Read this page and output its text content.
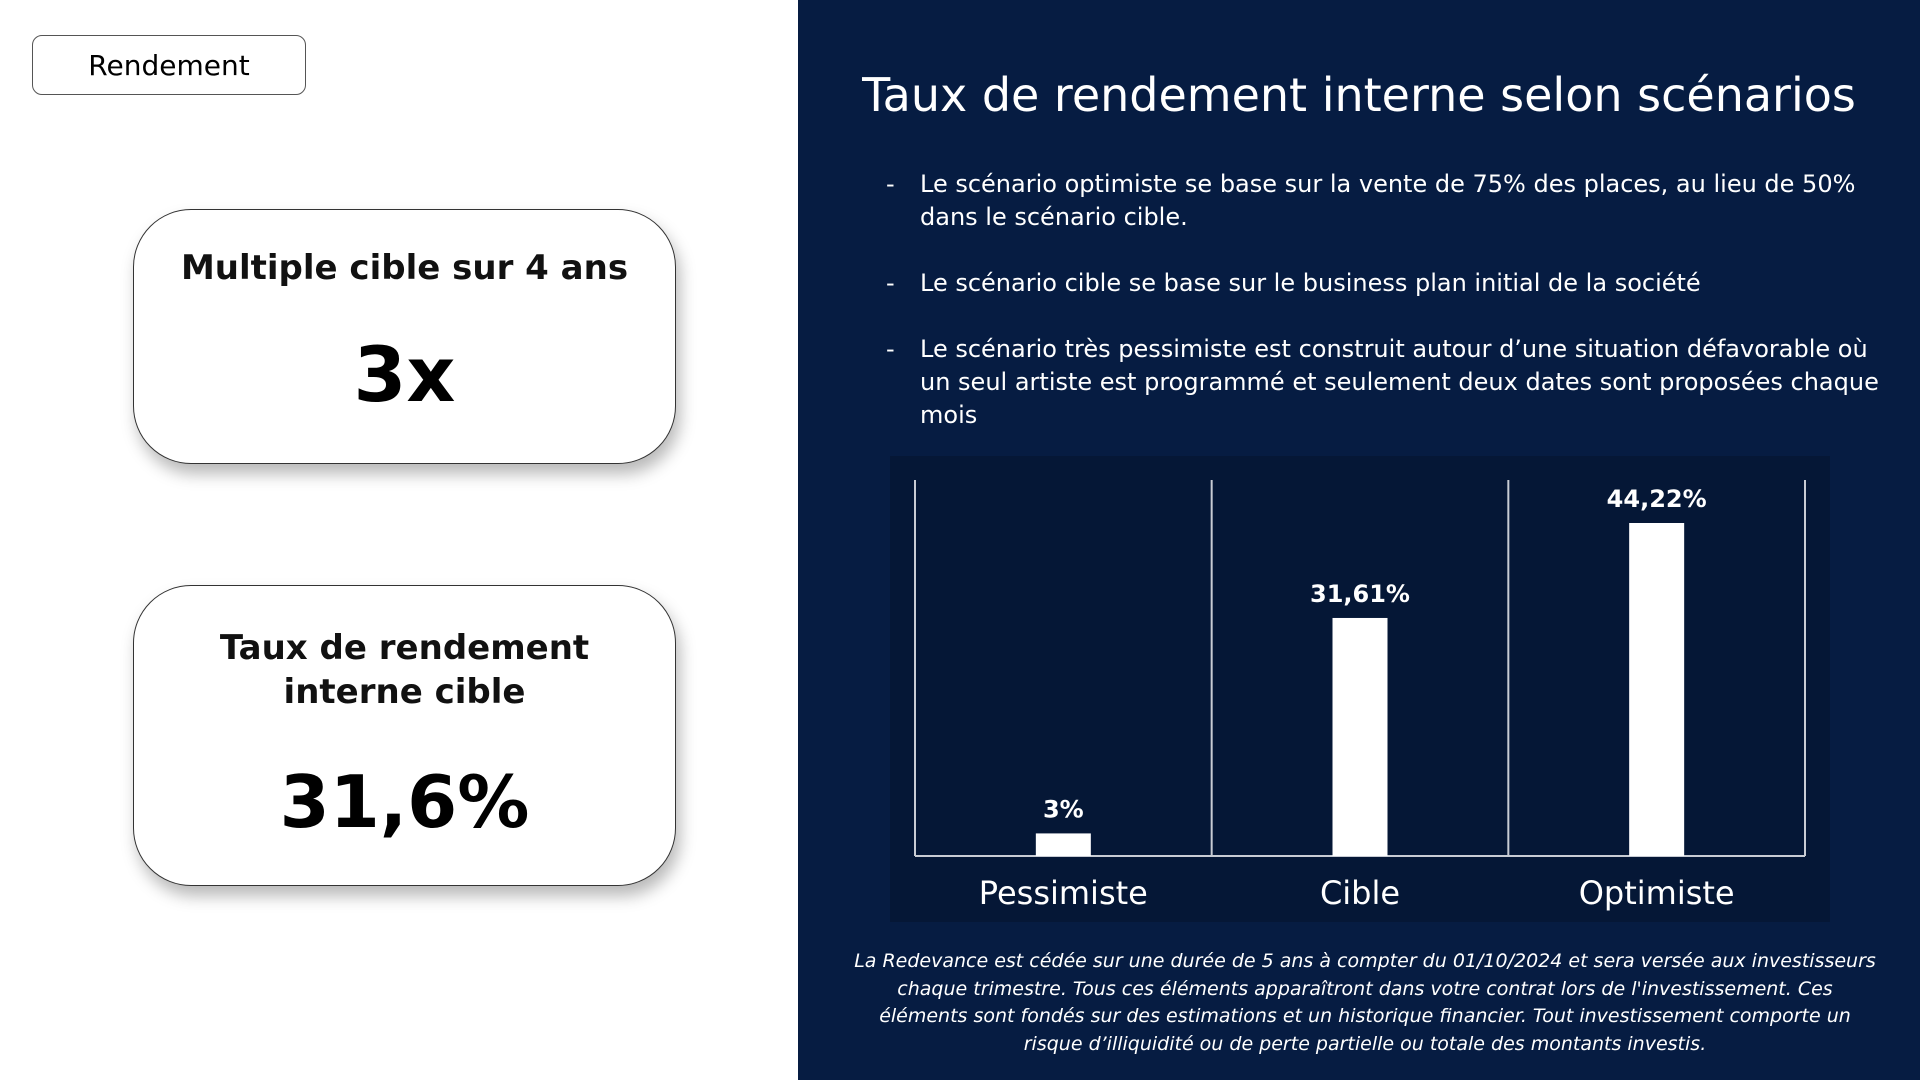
Rendement
Multiple cible sur 4 ans
3x
Taux de rendement
interne cible
31,6%
Taux de rendement interne selon scénarios
- Le scénario optimiste se base sur la vente de 75% des places, au lieu de 50% dans le scénario cible.
- Le scénario cible se base sur le business plan initial de la société
- Le scénario très pessimiste est construit autour d’une situation défavorable où un seul artiste est programmé et seulement deux dates sont proposées chaque mois
3%
Pessimiste
31,61%
Cible
44,22%
Optimiste
La Redevance est cédée sur une durée de 5 ans à compter du 01/10/2024 et sera versée aux investisseurs chaque trimestre. Tous ces éléments apparaîtront dans votre contrat lors de l'investissement. Ces éléments sont fondés sur des estimations et un historique financier. Tout investissement comporte un risque d’illiquidité ou de perte partielle ou totale des montants investis.
